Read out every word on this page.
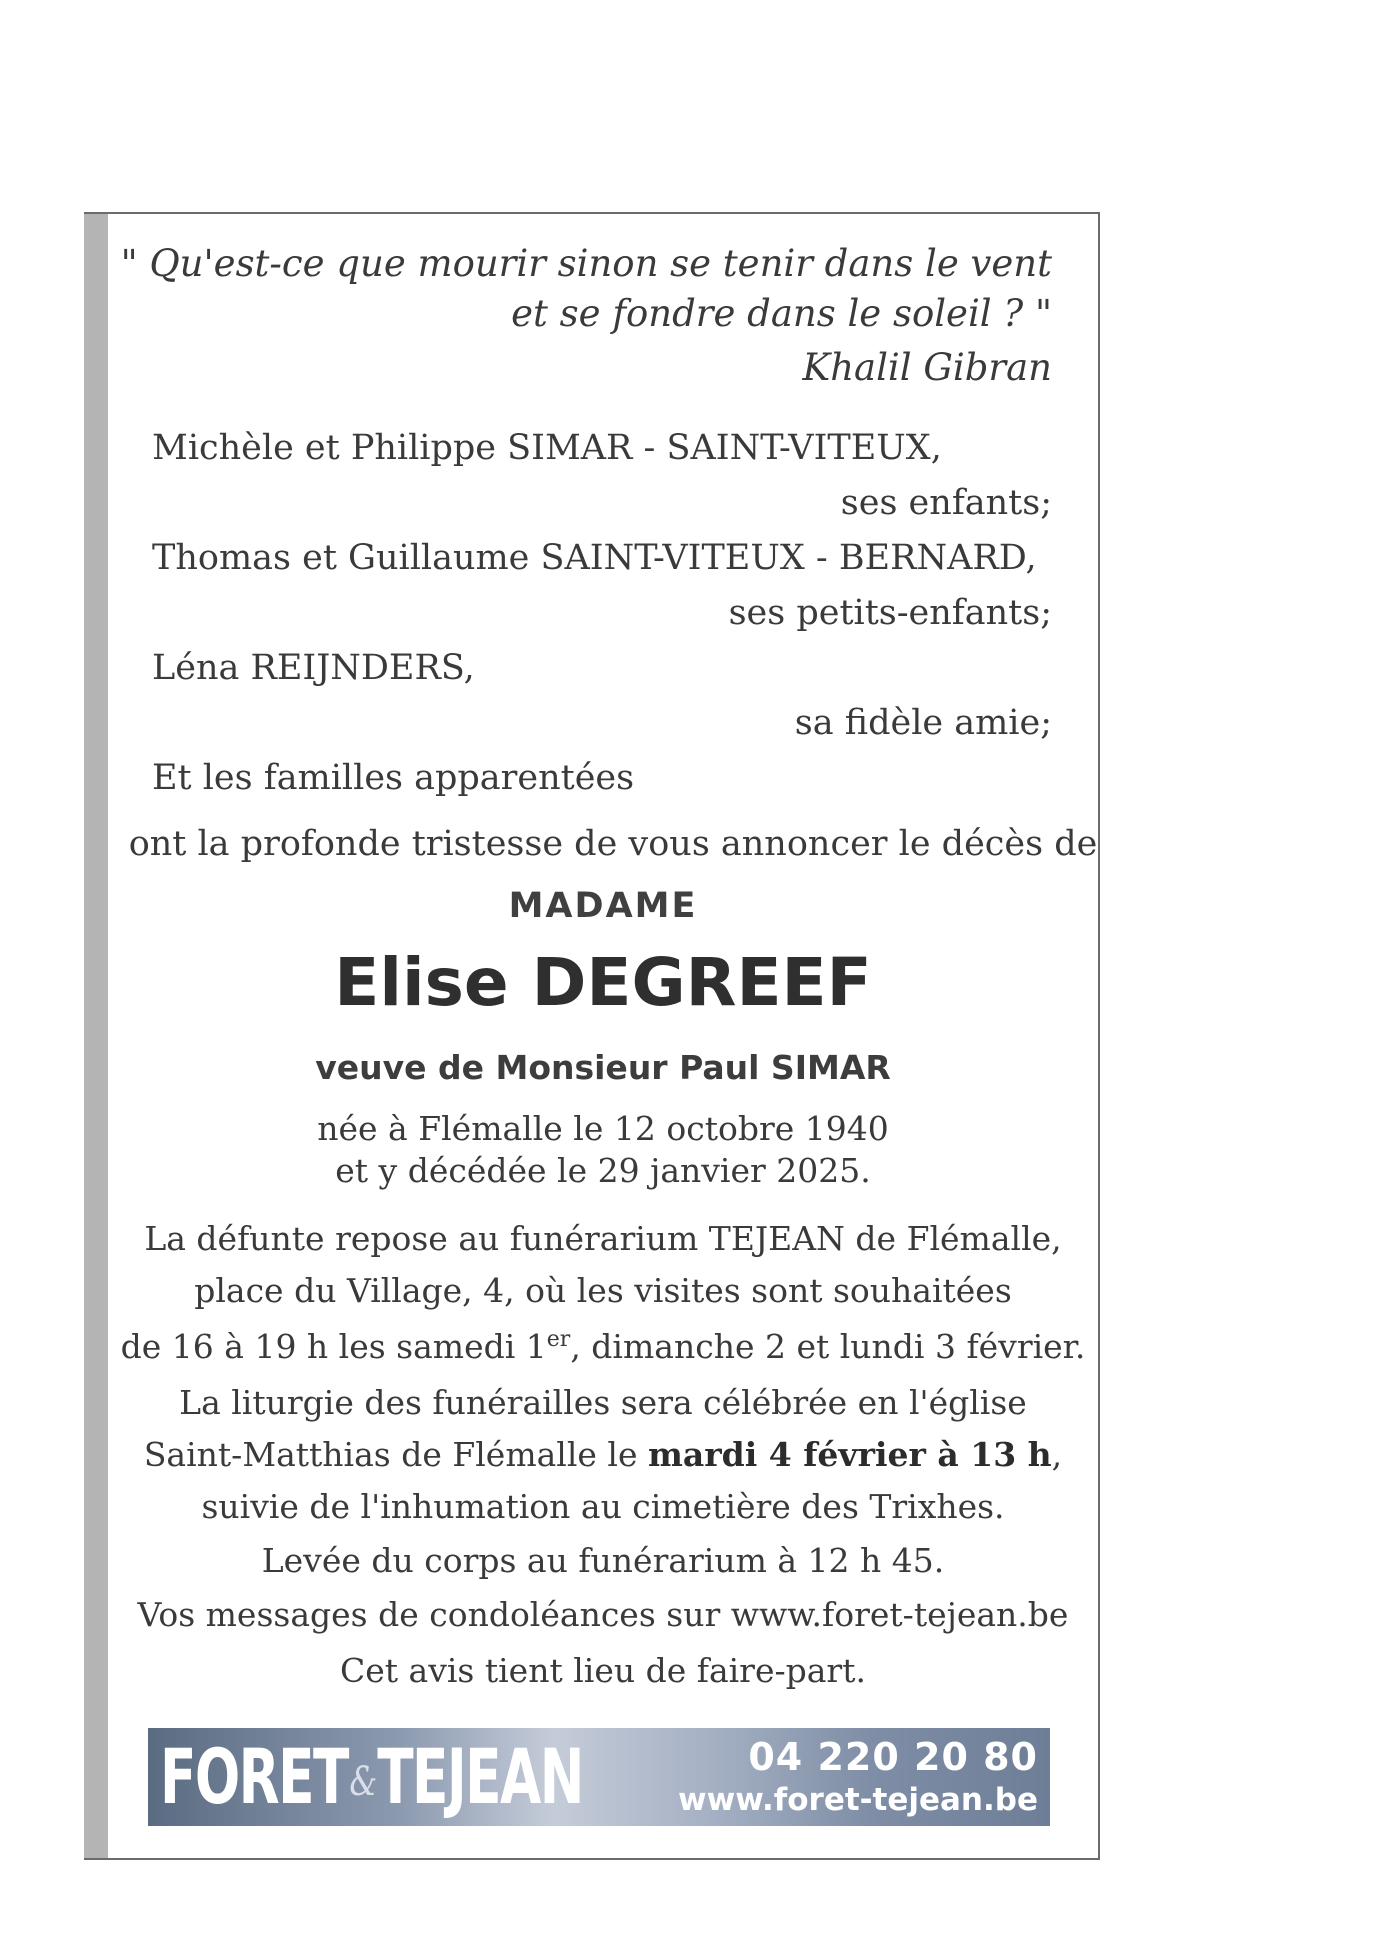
" Qu'est-ce que mourir sinon se tenir dans le vent
et se fondre dans le soleil ? "
Khalil Gibran
Michèle et Philippe SIMAR - SAINT-VITEUX,
ses enfants;
Thomas et Guillaume SAINT-VITEUX - BERNARD,
ses petits-enfants;
Léna REIJNDERS,
sa fidèle amie;
Et les familles apparentées
ont la profonde tristesse de vous annoncer le décès de
MADAME
Elise DEGREEF
veuve de Monsieur Paul SIMAR
née à Flémalle le 12 octobre 1940
et y décédée le 29 janvier 2025.
La défunte repose au funérarium TEJEAN de Flémalle,
place du Village, 4, où les visites sont souhaitées
de 16 à 19 h les samedi 1er, dimanche 2 et lundi 3 février.
La liturgie des funérailles sera célébrée en l'église
Saint-Matthias de Flémalle le mardi 4 février à 13 h,
suivie de l'inhumation au cimetière des Trixhes.
Levée du corps au funérarium à 12 h 45.
Vos messages de condoléances sur www.foret-tejean.be
Cet avis tient lieu de faire-part.
FORET&TEJEAN	04 220 20 80
www.foret-tejean.be
